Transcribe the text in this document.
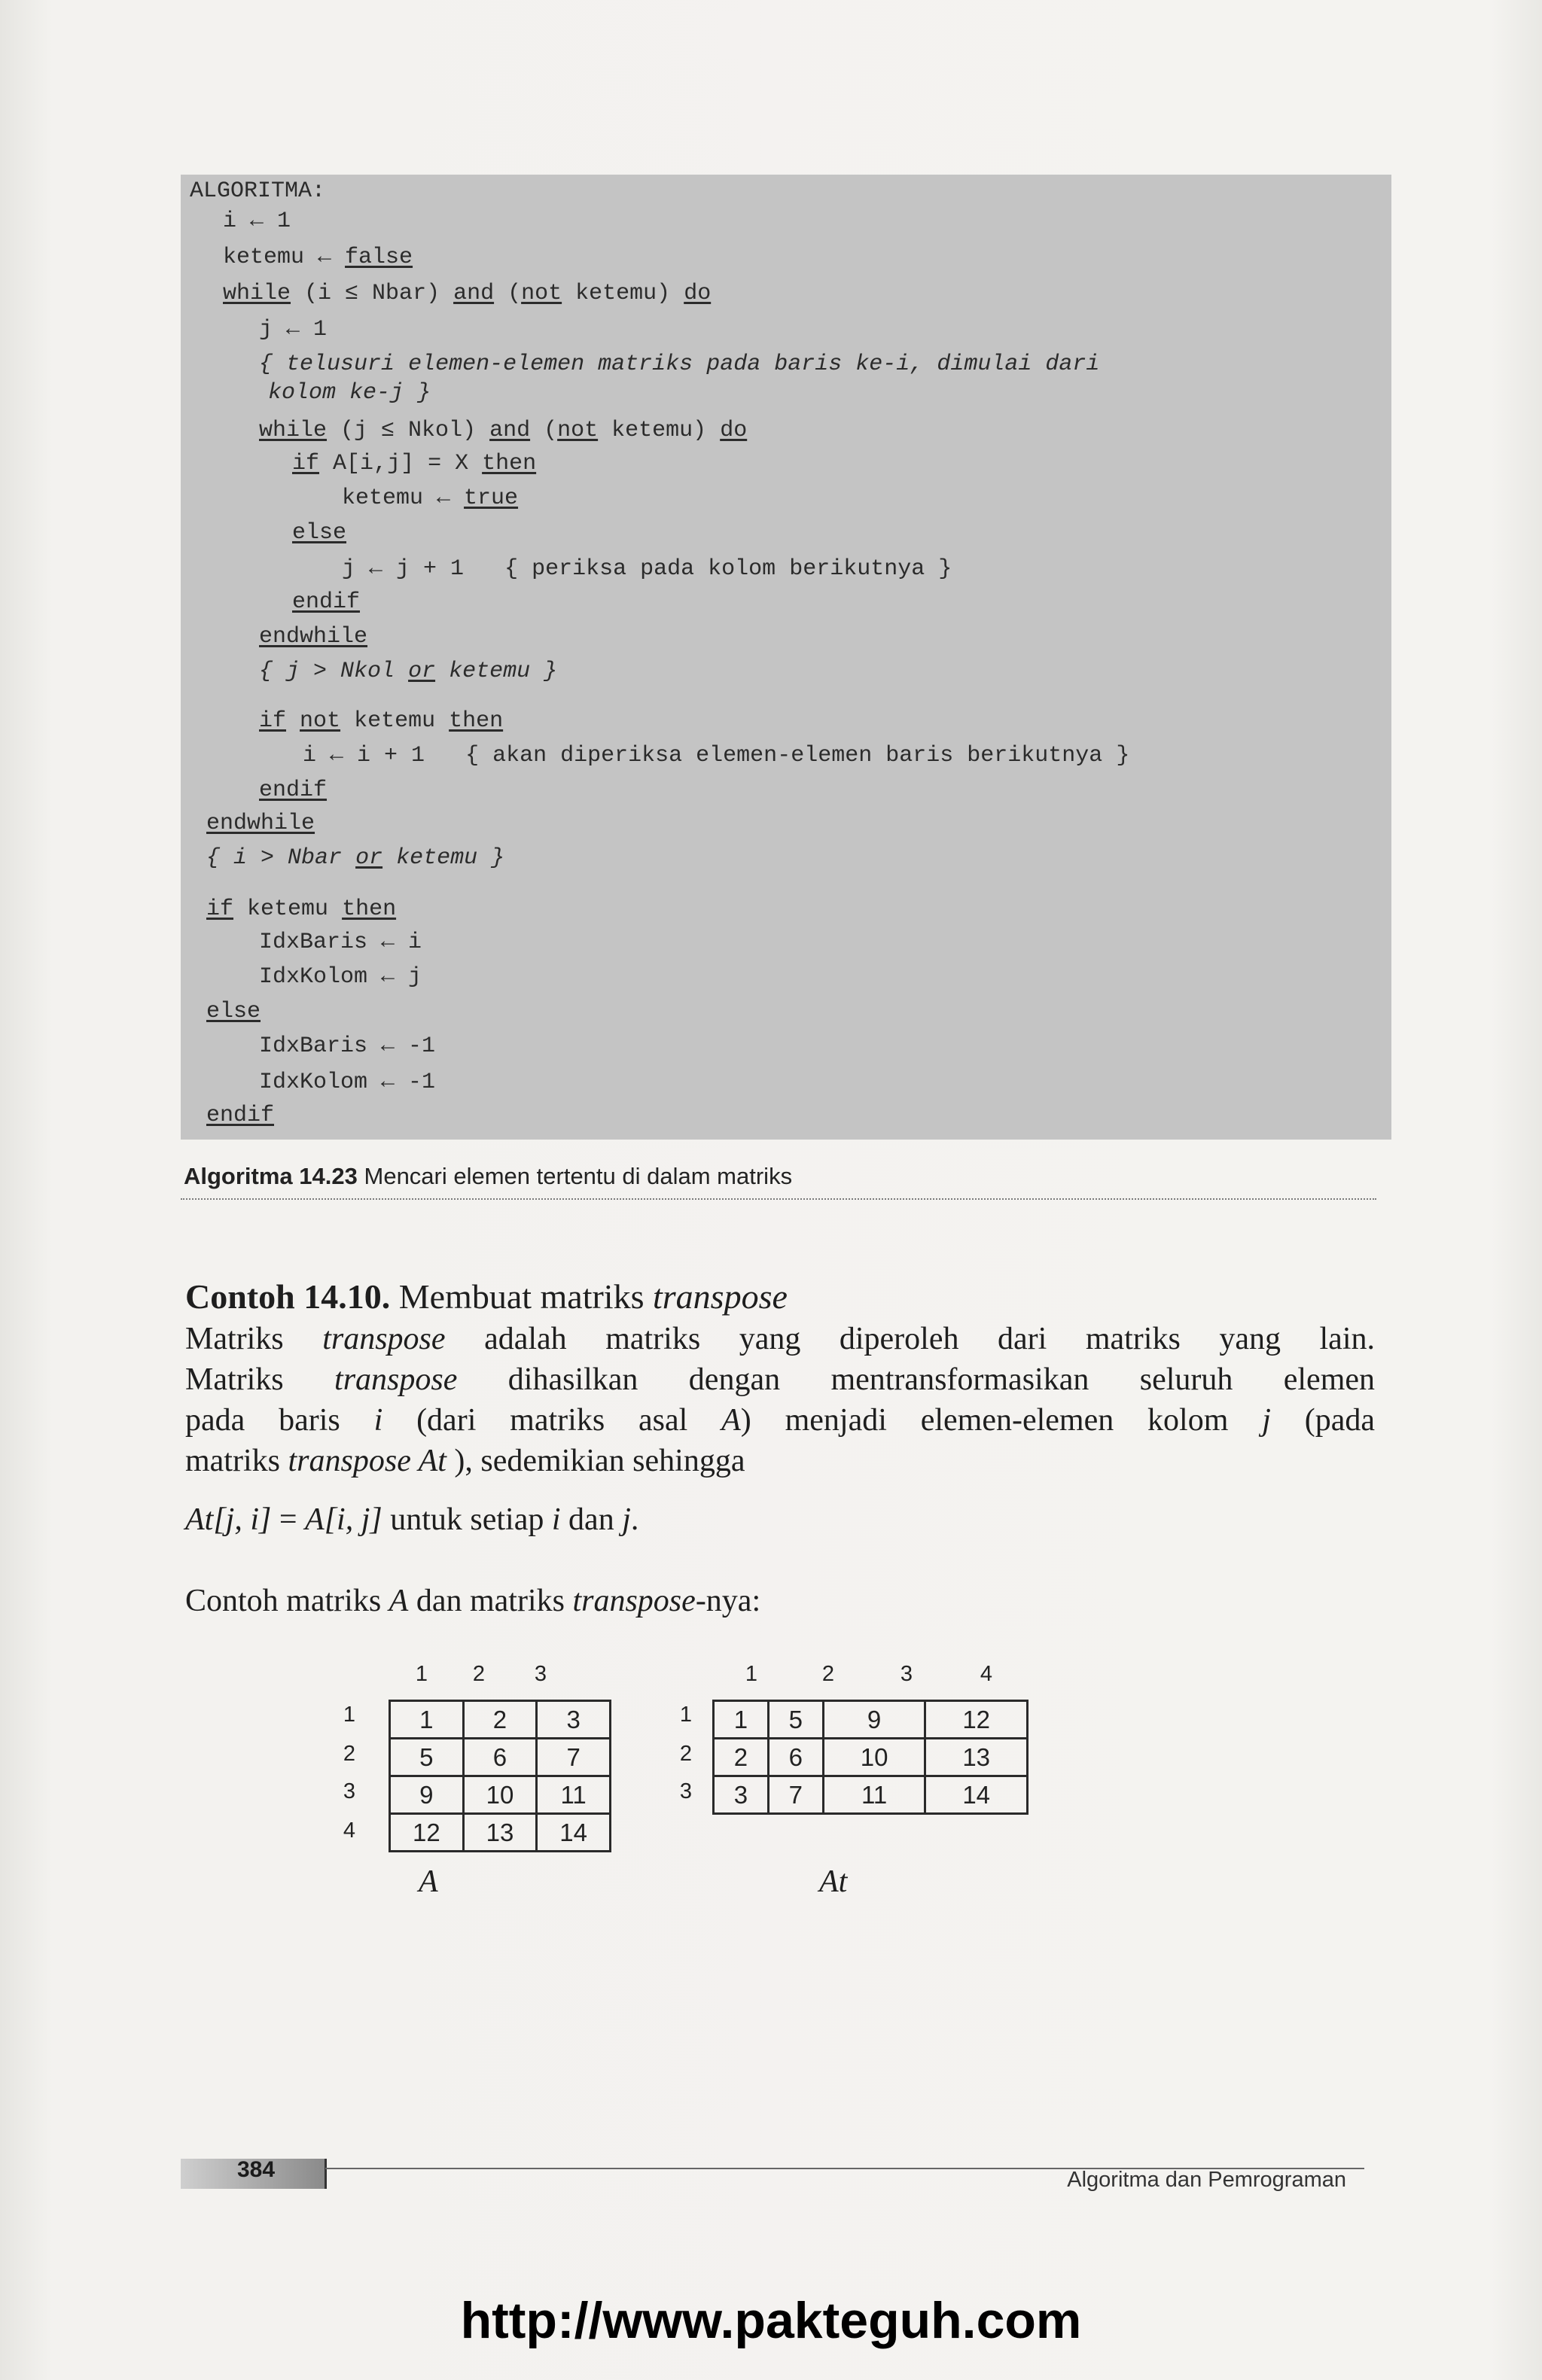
ALGORITMA:
i ← 1
ketemu ← false
while (i ≤ Nbar) and (not ketemu) do
j ← 1
{ telusuri elemen-elemen matriks pada baris ke-i, dimulai dari
kolom ke-j }
while (j ≤ Nkol) and (not ketemu) do
if A[i,j] = X then
ketemu ← true
else
j ← j + 1   { periksa pada kolom berikutnya }
endif
endwhile
{ j > Nkol or ketemu }
if not ketemu then
i ← i + 1   { akan diperiksa elemen-elemen baris berikutnya }
endif
endwhile
{ i > Nbar or ketemu }
if ketemu then
IdxBaris ← i
IdxKolom ← j
else
IdxBaris ← -1
IdxKolom ← -1
endif
Algoritma 14.23 Mencari elemen tertentu di dalam matriks
Contoh 14.10. Membuat matriks transpose
Matriks transpose adalah matriks yang diperoleh dari matriks yang lain.
Matriks transpose dihasilkan dengan mentransformasikan seluruh elemen
pada baris i (dari matriks asal A) menjadi elemen-elemen kolom j (pada
matriks transpose At ), sedemikian sehingga
At[j, i] = A[i, j] untuk setiap i dan j.
Contoh matriks A dan matriks transpose-nya:
1	2	3
1
2
3
4
1	2	3
5	6	7
9	10	11
12	13	14
A
1	2	3	4
1
2
3
1	5	9	12
2	6	10	13
3	7	11	14
At
384	Algoritma dan Pemrograman
http://www.pakteguh.com
